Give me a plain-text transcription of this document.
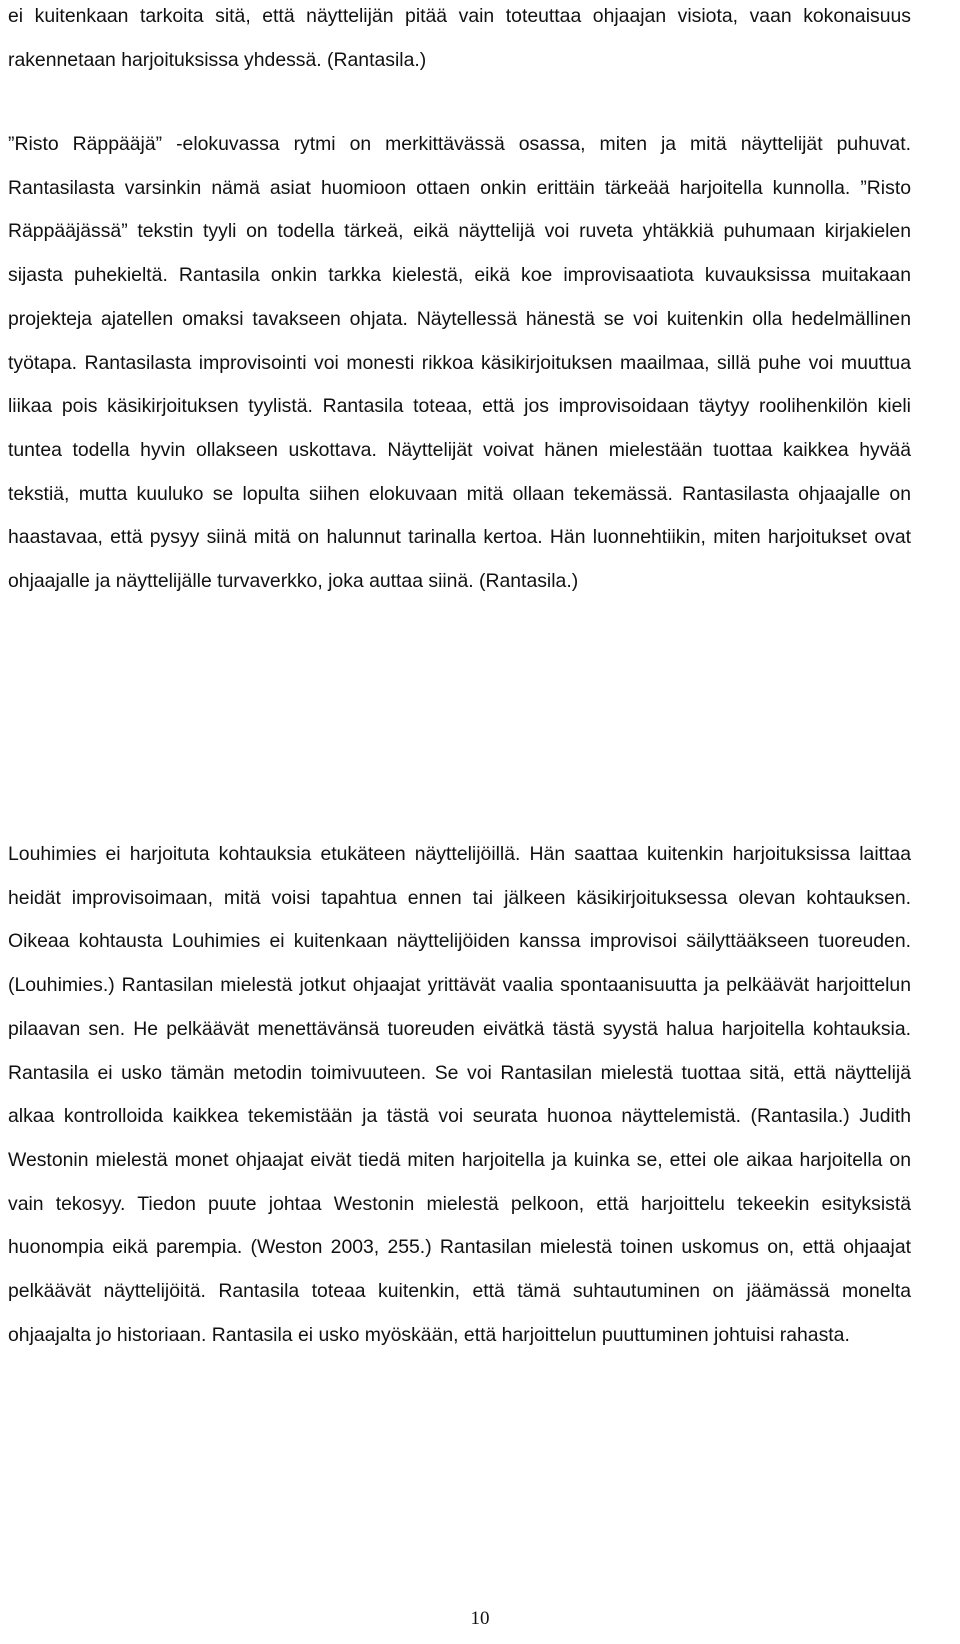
ei kuitenkaan tarkoita sitä, että näyttelijän pitää vain toteuttaa ohjaajan visiota, vaan kokonaisuus rakennetaan harjoituksissa yhdessä. (Rantasila.)

”Risto Räppääjä” -elokuvassa rytmi on merkittävässä osassa, miten ja mitä näyttelijät puhuvat. Rantasilasta varsinkin nämä asiat huomioon ottaen onkin erittäin tärkeää harjoitella kunnolla. ”Risto Räppääjässä” tekstin tyyli on todella tärkeä, eikä näyttelijä voi ruveta yhtäkkiä puhumaan kirjakielen sijasta puhekieltä. Rantasila onkin tarkka kielestä, eikä koe improvisaatiota kuvauksissa muitakaan projekteja ajatellen omaksi tavakseen ohjata. Näytellessä hänestä se voi kuitenkin olla hedelmällinen työtapa. Rantasilasta improvisointi voi monesti rikkoa käsikirjoituksen maailmaa, sillä puhe voi muuttua liikaa pois käsikirjoituksen tyylistä. Rantasila toteaa, että jos improvisoidaan täytyy roolihenkilön kieli tuntea todella hyvin ollakseen uskottava. Näyttelijät voivat hänen mielestään tuottaa kaikkea hyvää tekstiä, mutta kuuluko se lopulta siihen elokuvaan mitä ollaan tekemässä. Rantasilasta ohjaajalle on haastavaa, että pysyy siinä mitä on halunnut tarinalla kertoa. Hän luonnehtiikin, miten harjoitukset ovat ohjaajalle ja näyttelijälle turvaverkko, joka auttaa siinä. (Rantasila.)

Louhimies ei harjoituta kohtauksia etukäteen näyttelijöillä. Hän saattaa kuitenkin harjoituksissa laittaa heidät improvisoimaan, mitä voisi tapahtua ennen tai jälkeen käsikirjoituksessa olevan kohtauksen. Oikeaa kohtausta Louhimies ei kuitenkaan näyttelijöiden kanssa improvisoi säilyttääkseen tuoreuden. (Louhimies.) Rantasilan mielestä jotkut ohjaajat yrittävät vaalia spontaanisuutta ja pelkäävät harjoittelun pilaavan sen. He pelkäävät menettävänsä tuoreuden eivätkä tästä syystä halua harjoitella kohtauksia. Rantasila ei usko tämän metodin toimivuuteen. Se voi Rantasilan mielestä tuottaa sitä, että näyttelijä alkaa kontrolloida kaikkea tekemistään ja tästä voi seurata huonoa näyttelemistä. (Rantasila.) Judith Westonin mielestä monet ohjaajat eivät tiedä miten harjoitella ja kuinka se, ettei ole aikaa harjoitella on vain tekosyy. Tiedon puute johtaa Westonin mielestä pelkoon, että harjoittelu tekeekin esityksistä huonompia eikä parempia. (Weston 2003, 255.) Rantasilan mielestä toinen uskomus on, että ohjaajat pelkäävät näyttelijöitä. Rantasila toteaa kuitenkin, että tämä suhtautuminen on jäämässä monelta ohjaajalta jo historiaan. Rantasila ei usko myöskään, että harjoittelun puuttuminen johtuisi rahasta.

10
